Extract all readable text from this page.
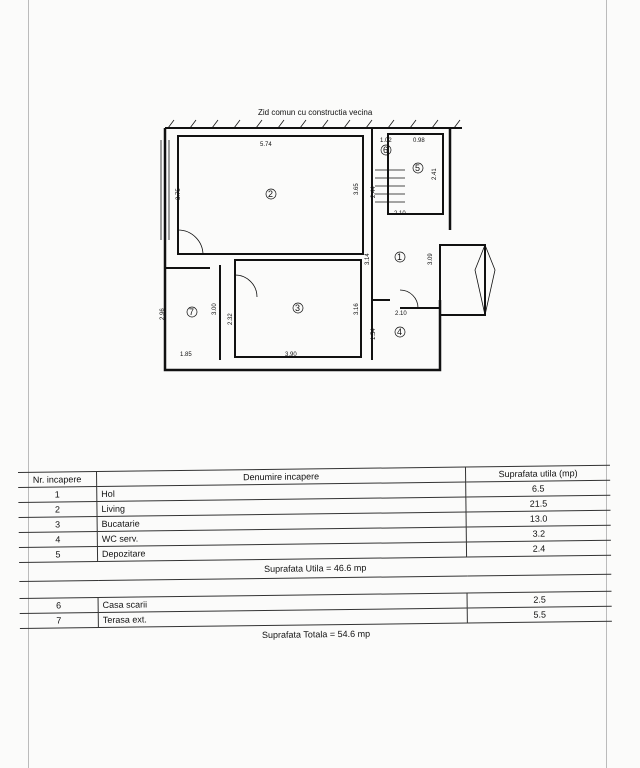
Zid comun cu constructia vecina
5.74
3.75	3.65
1.02	0.98
2.41
2.44
2.10
3.09
3.14
3.16
2.96	3.00
2.32	2.10
1.54
1.85	3.90
1
2
3
4
5
6
7
Nr. incapere	Denumire incapere	Suprafata utila (mp)
1	Hol	6.5
2	Living	21.5
3	Bucatarie	13.0
4	WC serv.	3.2
5	Depozitare	2.4
Suprafata Utila = 46.6 mp		

6	Casa scarii	2.5
7	Terasa ext.	5.5
Suprafata Totala = 54.6 mp		
